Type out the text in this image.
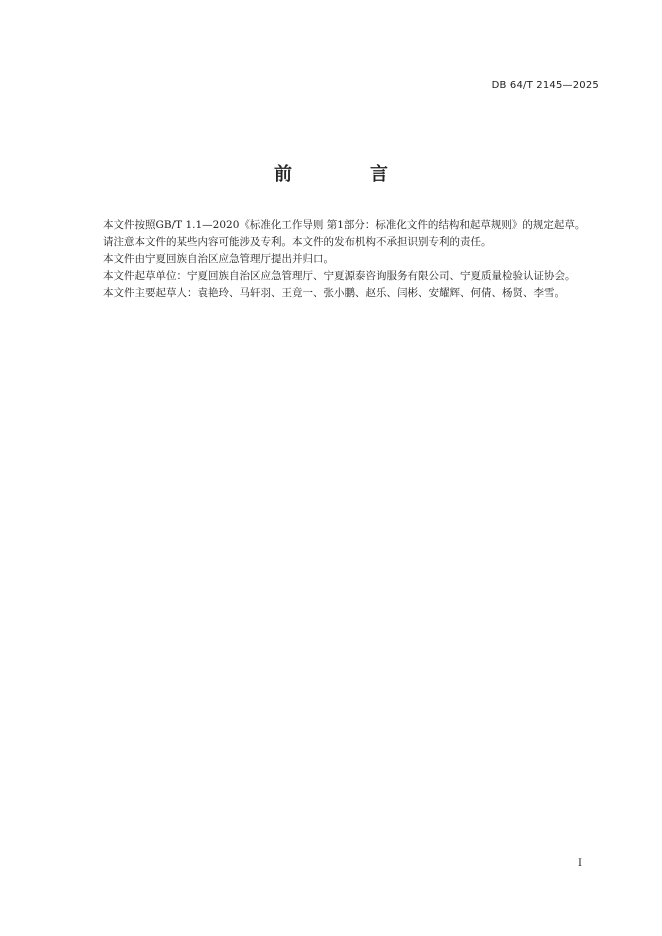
DB 64/T 2145—2025
前　言

本文件按照GB/T 1.1—2020《标准化工作导则 第1部分：标准化文件的结构和起草规则》的规定起草。

请注意本文件的某些内容可能涉及专利。本文件的发布机构不承担识别专利的责任。

本文件由宁夏回族自治区应急管理厅提出并归口。

本文件起草单位：宁夏回族自治区应急管理厅、宁夏源泰咨询服务有限公司、宁夏质量检验认证协会。

本文件主要起草人：袁艳玲、马轩羽、王竟一、张小鹏、赵乐、闫彬、安耀辉、何倩、杨贤、李雪。

I
